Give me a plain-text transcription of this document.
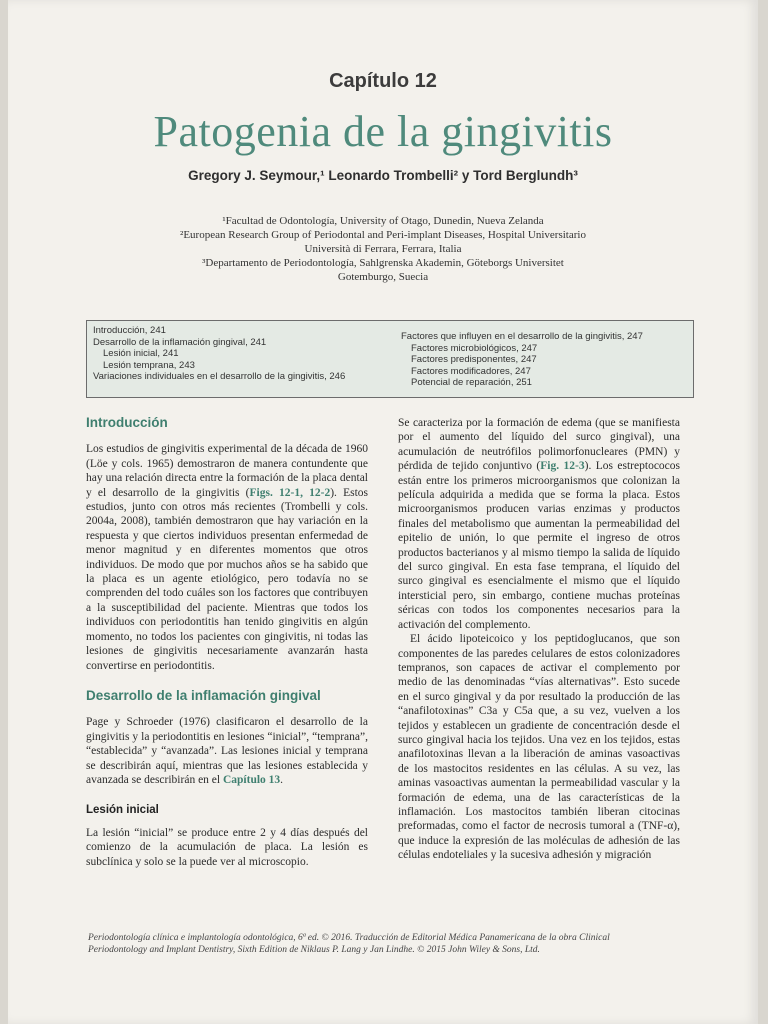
Capítulo 12
Patogenia de la gingivitis
Gregory J. Seymour,¹ Leonardo Trombelli² y Tord Berglundh³
¹Facultad de Odontología, University of Otago, Dunedin, Nueva Zelanda
²European Research Group of Periodontal and Peri-implant Diseases, Hospital Universitario
Università di Ferrara, Ferrara, Italia
³Departamento de Periodontología, Sahlgrenska Akademin, Göteborgs Universitet
Gotemburgo, Suecia
Introducción, 241
Desarrollo de la inflamación gingival, 241
Lesión inicial, 241
Lesión temprana, 243
Variaciones individuales en el desarrollo de la gingivitis, 246
Factores que influyen en el desarrollo de la gingivitis, 247
Factores microbiológicos, 247
Factores predisponentes, 247
Factores modificadores, 247
Potencial de reparación, 251
Introducción

Los estudios de gingivitis experimental de la década de 1960 (Löe y cols. 1965) demostraron de manera contundente que hay una relación directa entre la formación de la placa dental y el desarrollo de la gingivitis (Figs. 12-1, 12-2). Estos estudios, junto con otros más recientes (Trombelli y cols. 2004a, 2008), también demostraron que hay variación en la respuesta y que ciertos individuos presentan enfermedad de menor magnitud y en diferentes momentos que otros individuos. De modo que por muchos años se ha sabido que la placa es un agente etiológico, pero todavía no se comprenden del todo cuáles son los factores que contribuyen a la susceptibilidad del paciente. Mientras que todos los individuos con periodontitis han tenido gingivitis en algún momento, no todos los pacientes con gingivitis, ni todas las lesiones de gingivitis necesariamente avanzarán hasta convertirse en periodontitis.

Desarrollo de la inflamación gingival

Page y Schroeder (1976) clasificaron el desarrollo de la gingivitis y la periodontitis en lesiones “inicial”, “temprana”, “establecida” y “avanzada”. Las lesiones inicial y temprana se describirán aquí, mientras que las lesiones establecida y avanzada se describirán en el Capítulo 13.

Lesión inicial

La lesión “inicial” se produce entre 2 y 4 días después del comienzo de la acumulación de placa. La lesión es subclínica y solo se la puede ver al microscopio.

Se caracteriza por la formación de edema (que se manifiesta por el aumento del líquido del surco gingival), una acumulación de neutrófilos polimorfonucleares (PMN) y pérdida de tejido conjuntivo (Fig. 12-3). Los estreptococos están entre los primeros microorganismos que colonizan la película adquirida a medida que se forma la placa. Estos microorganismos producen varias enzimas y productos finales del metabolismo que aumentan la permeabilidad del epitelio de unión, lo que permite el ingreso de otros productos bacterianos y al mismo tiempo la salida de líquido del surco gingival. En esta fase temprana, el líquido del surco gingival es esencialmente el mismo que el líquido intersticial pero, sin embargo, contiene muchas proteínas séricas con todos los componentes necesarios para la activación del complemento.

El ácido lipoteicoico y los peptidoglucanos, que son componentes de las paredes celulares de estos colonizadores tempranos, son capaces de activar el complemento por medio de las denominadas “vías alternativas”. Esto sucede en el surco gingival y da por resultado la producción de las “anafilotoxinas” C3a y C5a que, a su vez, vuelven a los tejidos y establecen un gradiente de concentración desde el surco gingival hacia los tejidos. Una vez en los tejidos, estas anafilotoxinas llevan a la liberación de aminas vasoactivas de los mastocitos residentes en las células. A su vez, las aminas vasoactivas aumentan la permeabilidad vascular y la formación de edema, una de las características de la inflamación. Los mastocitos también liberan citocinas preformadas, como el factor de necrosis tumoral a (TNF-α), que induce la expresión de las moléculas de adhesión de las células endoteliales y la sucesiva adhesión y migración

Periodontología clínica e implantología odontológica, 6ª ed. © 2016. Traducción de Editorial Médica Panamericana de la obra Clinical
Periodontology and Implant Dentistry, Sixth Edition de Niklaus P. Lang y Jan Lindhe. © 2015 John Wiley & Sons, Ltd.
